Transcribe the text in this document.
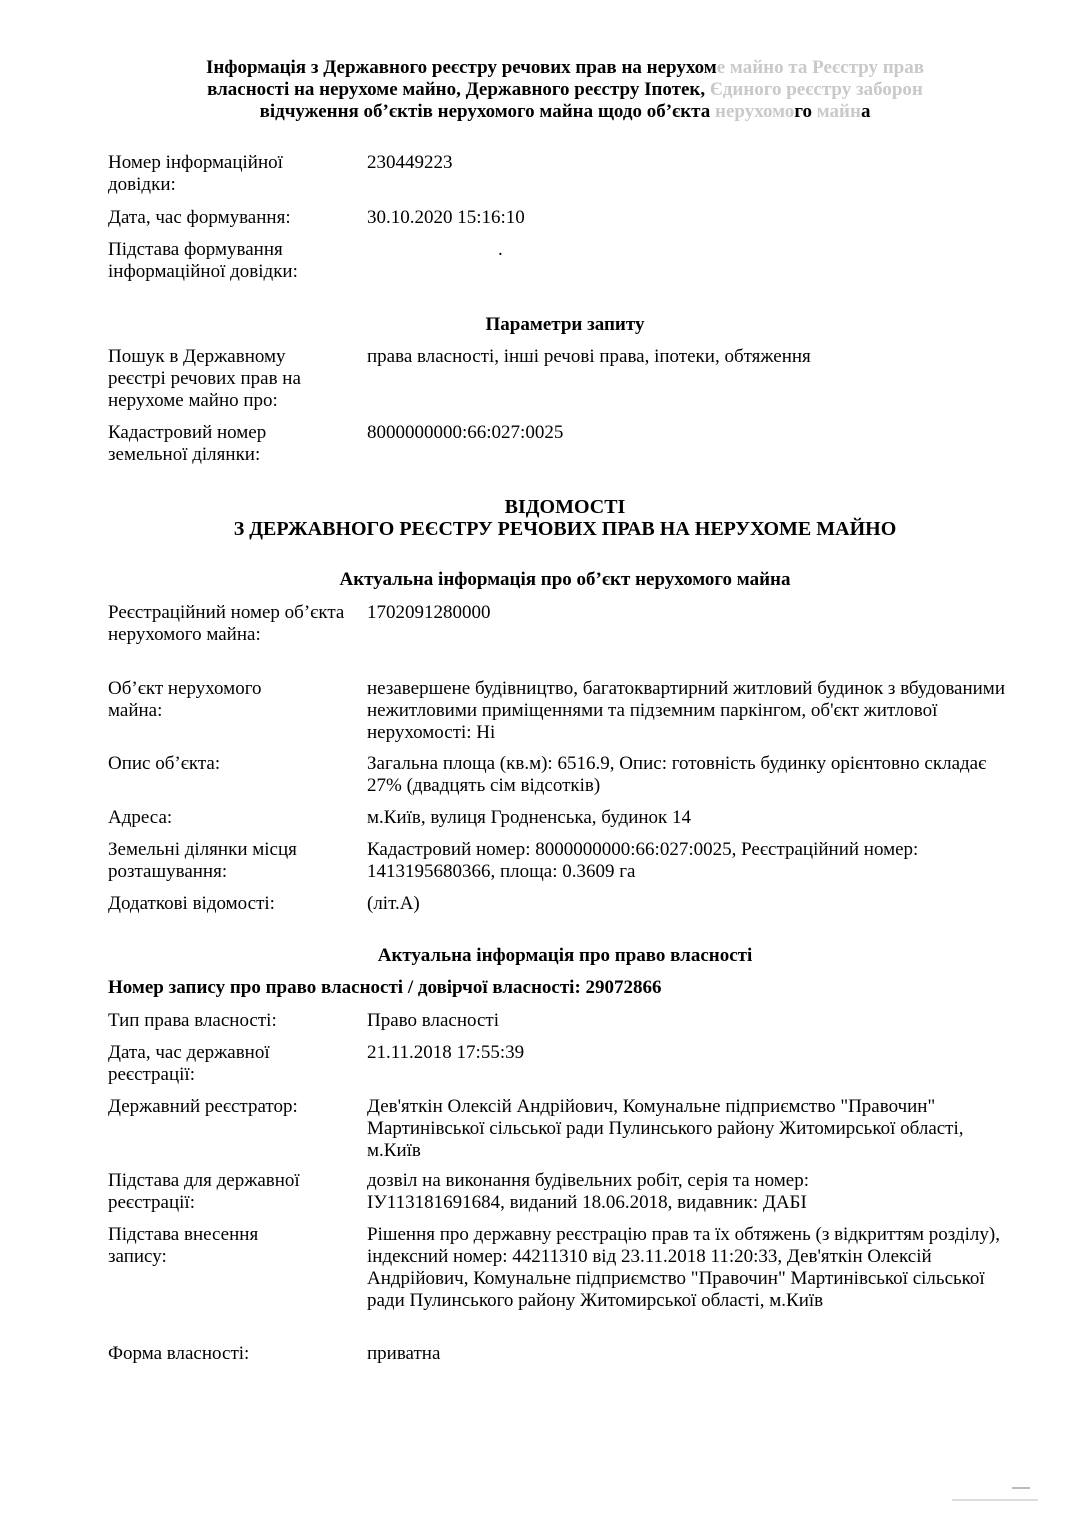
Інформація з Державного реєстру речових прав на нерухоме майно та Реєстру прав
власності на нерухоме майно, Державного реєстру Іпотек, Єдиного реєстру заборон
відчуження об’єктів нерухомого майна щодо об’єкта нерухомого майна
Номер інформаційної довідки:
230449223
Дата, час формування:	30.10.2020 15:16:10
Підстава формування інформаційної довідки:
.
Параметри запиту
Пошук в Державному реєстрі речових прав на нерухоме майно про:
права власності, інші речові права, іпотеки, обтяження
Кадастровий номер земельної ділянки:
8000000000:66:027:0025
ВІДОМОСТІ
З ДЕРЖАВНОГО РЕЄСТРУ РЕЧОВИХ ПРАВ НА НЕРУХОМЕ МАЙНО
Актуальна інформація про об’єкт нерухомого майна
Реєстраційний номер об’єкта нерухомого майна:
1702091280000
Об’єкт нерухомого майна:
незавершене будівництво, багатоквартирний житловий будинок з вбудованими нежитловими приміщеннями та підземним паркінгом, об'єкт житлової нерухомості: Ні
Опис об’єкта:	Загальна площа (кв.м): 6516.9, Опис: готовність будинку орієнтовно складає 27% (двадцять сім відсотків)
Адреса:	м.Київ, вулиця Гродненська, будинок 14
Земельні ділянки місця розташування:
Кадастровий номер: 8000000000:66:027:0025, Реєстраційний номер: 1413195680366, площа: 0.3609 га
Додаткові відомості:	(літ.А)
Актуальна інформація про право власності
Номер запису про право власності / довірчої власності: 29072866
Тип права власності:	Право власності
Дата, час державної реєстрації:
21.11.2018 17:55:39
Державний реєстратор:	Дев'яткін Олексій Андрійович, Комунальне підприємство "Правочин" Мартинівської сільської ради Пулинського району Житомирської області, м.Київ
Підстава для державної реєстрації:
дозвіл на виконання будівельних робіт, серія та номер: ІУ113181691684, виданий 18.06.2018, видавник: ДАБІ
Підстава внесення запису:
Рішення про державну реєстрацію прав та їх обтяжень (з відкриттям розділу), індексний номер: 44211310 від 23.11.2018 11:20:33, Дев'яткін Олексій Андрійович, Комунальне підприємство "Правочин" Мартинівської сільської ради Пулинського району Житомирської області, м.Київ
Форма власності:	приватна
